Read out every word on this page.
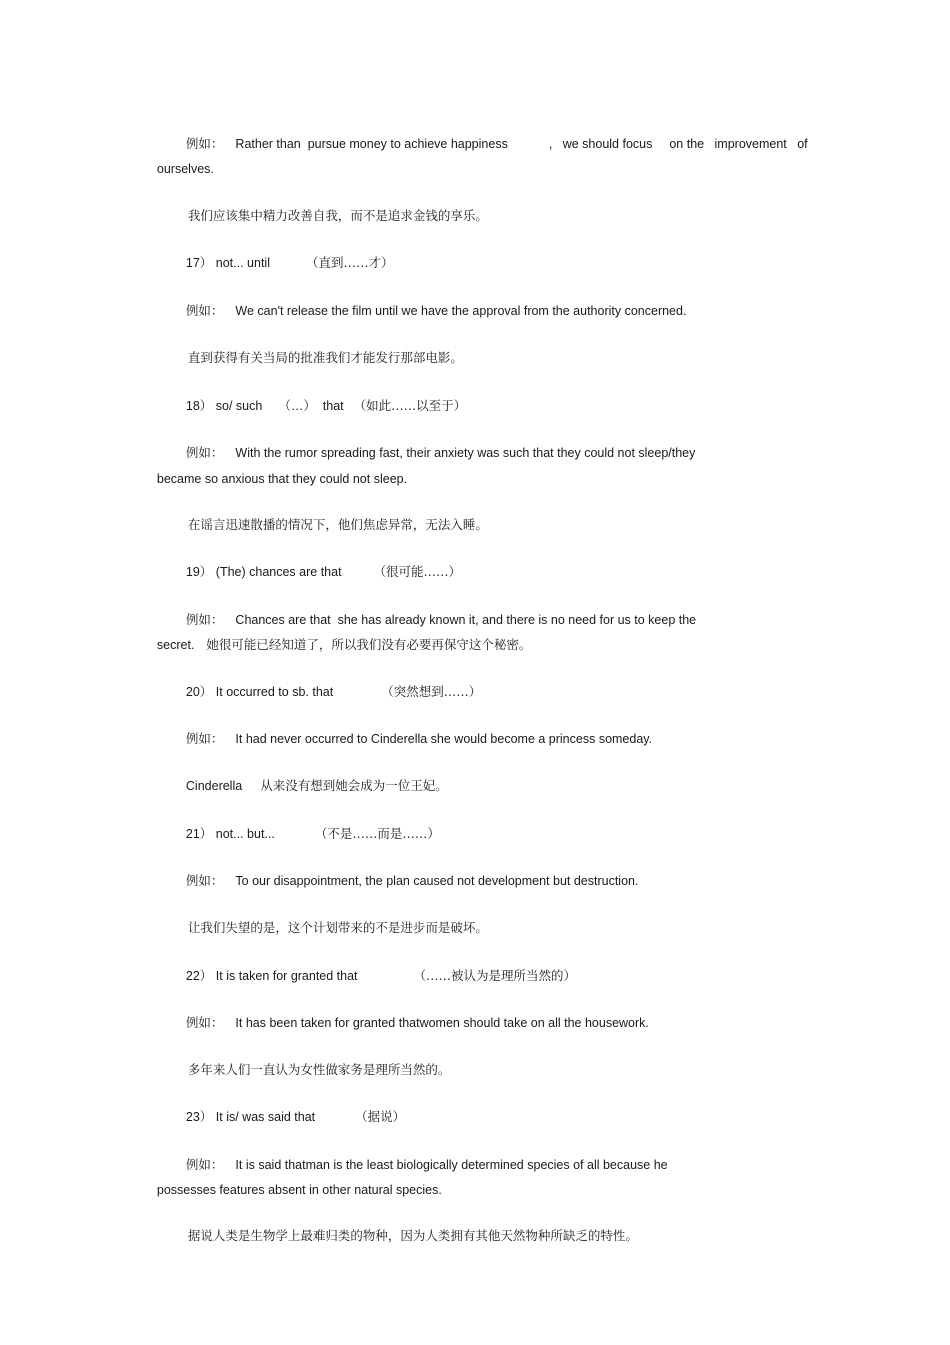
例如： Rather than  pursue money to achieve happiness	,   we should focus on the   improvement   of

ourselves.

我们应该集中精力改善自我，而不是追求金钱的享乐。

17） not... until	（直到……才）

例如： We can't release the film until we have the approval from the authority concerned.

直到获得有关当局的批准我们才能发行那部电影。

18） so/ such （…）  that （如此……以至于）

例如： With the rumor spreading fast, their anxiety was such that they could not sleep/they

became so anxious that they could not sleep.

在谣言迅速散播的情况下，他们焦虑异常，无法入睡。

19） (The) chances are that	（很可能……）

例如： Chances are that  she has already known it, and there is no need for us to keep the

secret. 她很可能已经知道了，所以我们没有必要再保守这个秘密。

20） It occurred to sb. that	（突然想到……）

例如： It had never occurred to Cinderella she would become a princess someday.

Cinderella 从来没有想到她会成为一位王妃。

21） not... but...	（不是……而是……）

例如： To our disappointment, the plan caused not development but destruction.

让我们失望的是，这个计划带来的不是进步而是破坏。

22） It is taken for granted that	（……被认为是理所当然的）

例如： It has been taken for granted thatwomen should take on all the housework.

多年来人们一直认为女性做家务是理所当然的。

23） It is/ was said that	（据说）

例如： It is said thatman is the least biologically determined species of all because he

possesses features absent in other natural species.

据说人类是生物学上最难归类的物种，因为人类拥有其他天然物种所缺乏的特性。
